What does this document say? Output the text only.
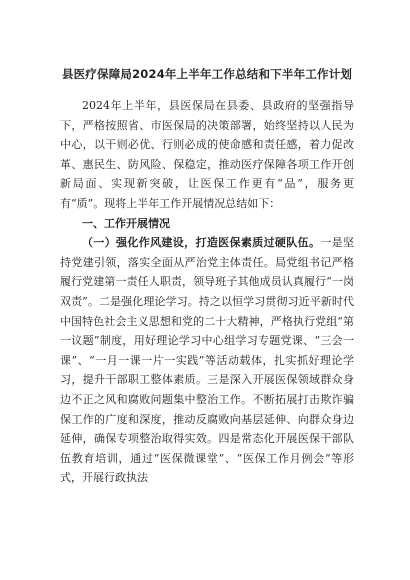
县医疗保障局2024年上半年工作总结和下半年工作计划

2024年上半年，县医保局在县委、县政府的坚强指导下，严格按照省、市医保局的决策部署，始终坚持以人民为中心，以干则必优、行则必成的使命感和责任感，着力促改革、惠民生、防风险、保稳定，推动医疗保障各项工作开创新局面、实现新突破，让医保工作更有“品”，服务更有“质”。现将上半年工作开展情况总结如下：

一、工作开展情况

（一）强化作风建设，打造医保素质过硬队伍。一是坚持党建引领，落实全面从严治党主体责任。局党组书记严格履行党建第一责任人职责，领导班子其他成员认真履行“一岗双责”。二是强化理论学习。持之以恒学习贯彻习近平新时代中国特色社会主义思想和党的二十大精神，严格执行党组“第一议题”制度，用好理论学习中心组学习专题党课、“三会一课”、“一月一课一片一实践”等活动载体，扎实抓好理论学习，提升干部职工整体素质。三是深入开展医保领域群众身边不正之风和腐败问题集中整治工作。不断拓展打击欺诈骗保工作的广度和深度，推动反腐败向基层延伸、向群众身边延伸，确保专项整治取得实效。四是常态化开展医保干部队伍教育培训，通过“医保微课堂”、“医保工作月例会”等形式，开展行政执法
